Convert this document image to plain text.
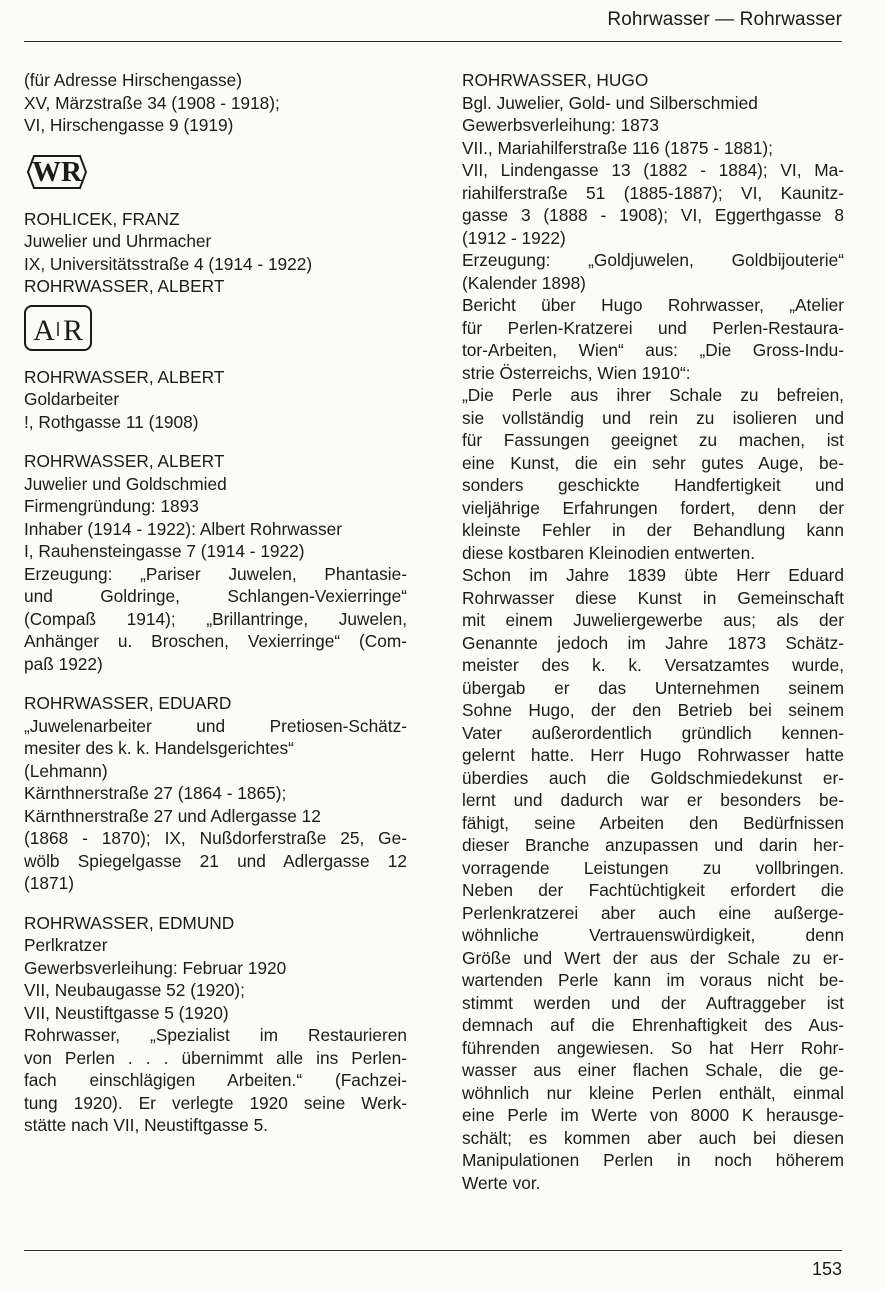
Rohrwasser — Rohrwasser
(für Adresse Hirschengasse)
XV, Märzstraße 34 (1908 - 1918);
VI, Hirschengasse 9 (1919)
WR
ROHLICEK, FRANZ
Juwelier und Uhrmacher
IX, Universitätsstraße 4 (1914 - 1922)
ROHRWASSER, ALBERT
A R
ROHRWASSER, ALBERT
Goldarbeiter
!, Rothgasse 11 (1908)
ROHRWASSER, ALBERT
Juwelier und Goldschmied
Firmengründung: 1893
Inhaber (1914 - 1922): Albert Rohrwasser
I, Rauhensteingasse 7 (1914 - 1922)
Erzeugung: „Pariser Juwelen, Phantasie-
und Goldringe, Schlangen-Vexierringe“
(Compaß 1914); „Brillantringe, Juwelen,
Anhänger u. Broschen, Vexierringe“ (Com-
paß 1922)
ROHRWASSER, EDUARD
„Juwelenarbeiter und Pretiosen-Schätz-
mesiter des k. k. Handelsgerichtes“
(Lehmann)
Kärnthnerstraße 27 (1864 - 1865);
Kärnthnerstraße 27 und Adlergasse 12
(1868 - 1870); IX, Nußdorferstraße 25, Ge-
wölb Spiegelgasse 21 und Adlergasse 12
(1871)
ROHRWASSER, EDMUND
Perlkratzer
Gewerbsverleihung: Februar 1920
VII, Neubaugasse 52 (1920);
VII, Neustiftgasse 5 (1920)
Rohrwasser, „Spezialist im Restaurieren
von Perlen . . . übernimmt alle ins Perlen-
fach einschlägigen Arbeiten.“ (Fachzei-
tung 1920). Er verlegte 1920 seine Werk-
stätte nach VII, Neustiftgasse 5.
ROHRWASSER, HUGO
Bgl. Juwelier, Gold- und Silberschmied
Gewerbsverleihung: 1873
VII., Mariahilferstraße 116 (1875 - 1881);
VII, Lindengasse 13 (1882 - 1884); VI, Ma-
riahilferstraße 51 (1885-1887); VI, Kaunitz-
gasse 3 (1888 - 1908); VI, Eggerthgasse 8
(1912 - 1922)
Erzeugung: „Goldjuwelen, Goldbijouterie“
(Kalender 1898)
Bericht über Hugo Rohrwasser, „Atelier
für Perlen-Kratzerei und Perlen-Restaura-
tor-Arbeiten, Wien“ aus: „Die Gross-Indu-
strie Österreichs, Wien 1910“:
„Die Perle aus ihrer Schale zu befreien,
sie vollständig und rein zu isolieren und
für Fassungen geeignet zu machen, ist
eine Kunst, die ein sehr gutes Auge, be-
sonders geschickte Handfertigkeit und
vieljährige Erfahrungen fordert, denn der
kleinste Fehler in der Behandlung kann
diese kostbaren Kleinodien entwerten.
Schon im Jahre 1839 übte Herr Eduard
Rohrwasser diese Kunst in Gemeinschaft
mit einem Juweliergewerbe aus; als der
Genannte jedoch im Jahre 1873 Schätz-
meister des k. k. Versatzamtes wurde,
übergab er das Unternehmen seinem
Sohne Hugo, der den Betrieb bei seinem
Vater außerordentlich gründlich kennen-
gelernt hatte. Herr Hugo Rohrwasser hatte
überdies auch die Goldschmiedekunst er-
lernt und dadurch war er besonders be-
fähigt, seine Arbeiten den Bedürfnissen
dieser Branche anzupassen und darin her-
vorragende Leistungen zu vollbringen.
Neben der Fachtüchtigkeit erfordert die
Perlenkratzerei aber auch eine außerge-
wöhnliche Vertrauenswürdigkeit, denn
Größe und Wert der aus der Schale zu er-
wartenden Perle kann im voraus nicht be-
stimmt werden und der Auftraggeber ist
demnach auf die Ehrenhaftigkeit des Aus-
führenden angewiesen. So hat Herr Rohr-
wasser aus einer flachen Schale, die ge-
wöhnlich nur kleine Perlen enthält, einmal
eine Perle im Werte von 8000 K herausge-
schält; es kommen aber auch bei diesen
Manipulationen Perlen in noch höherem
Werte vor.
153
